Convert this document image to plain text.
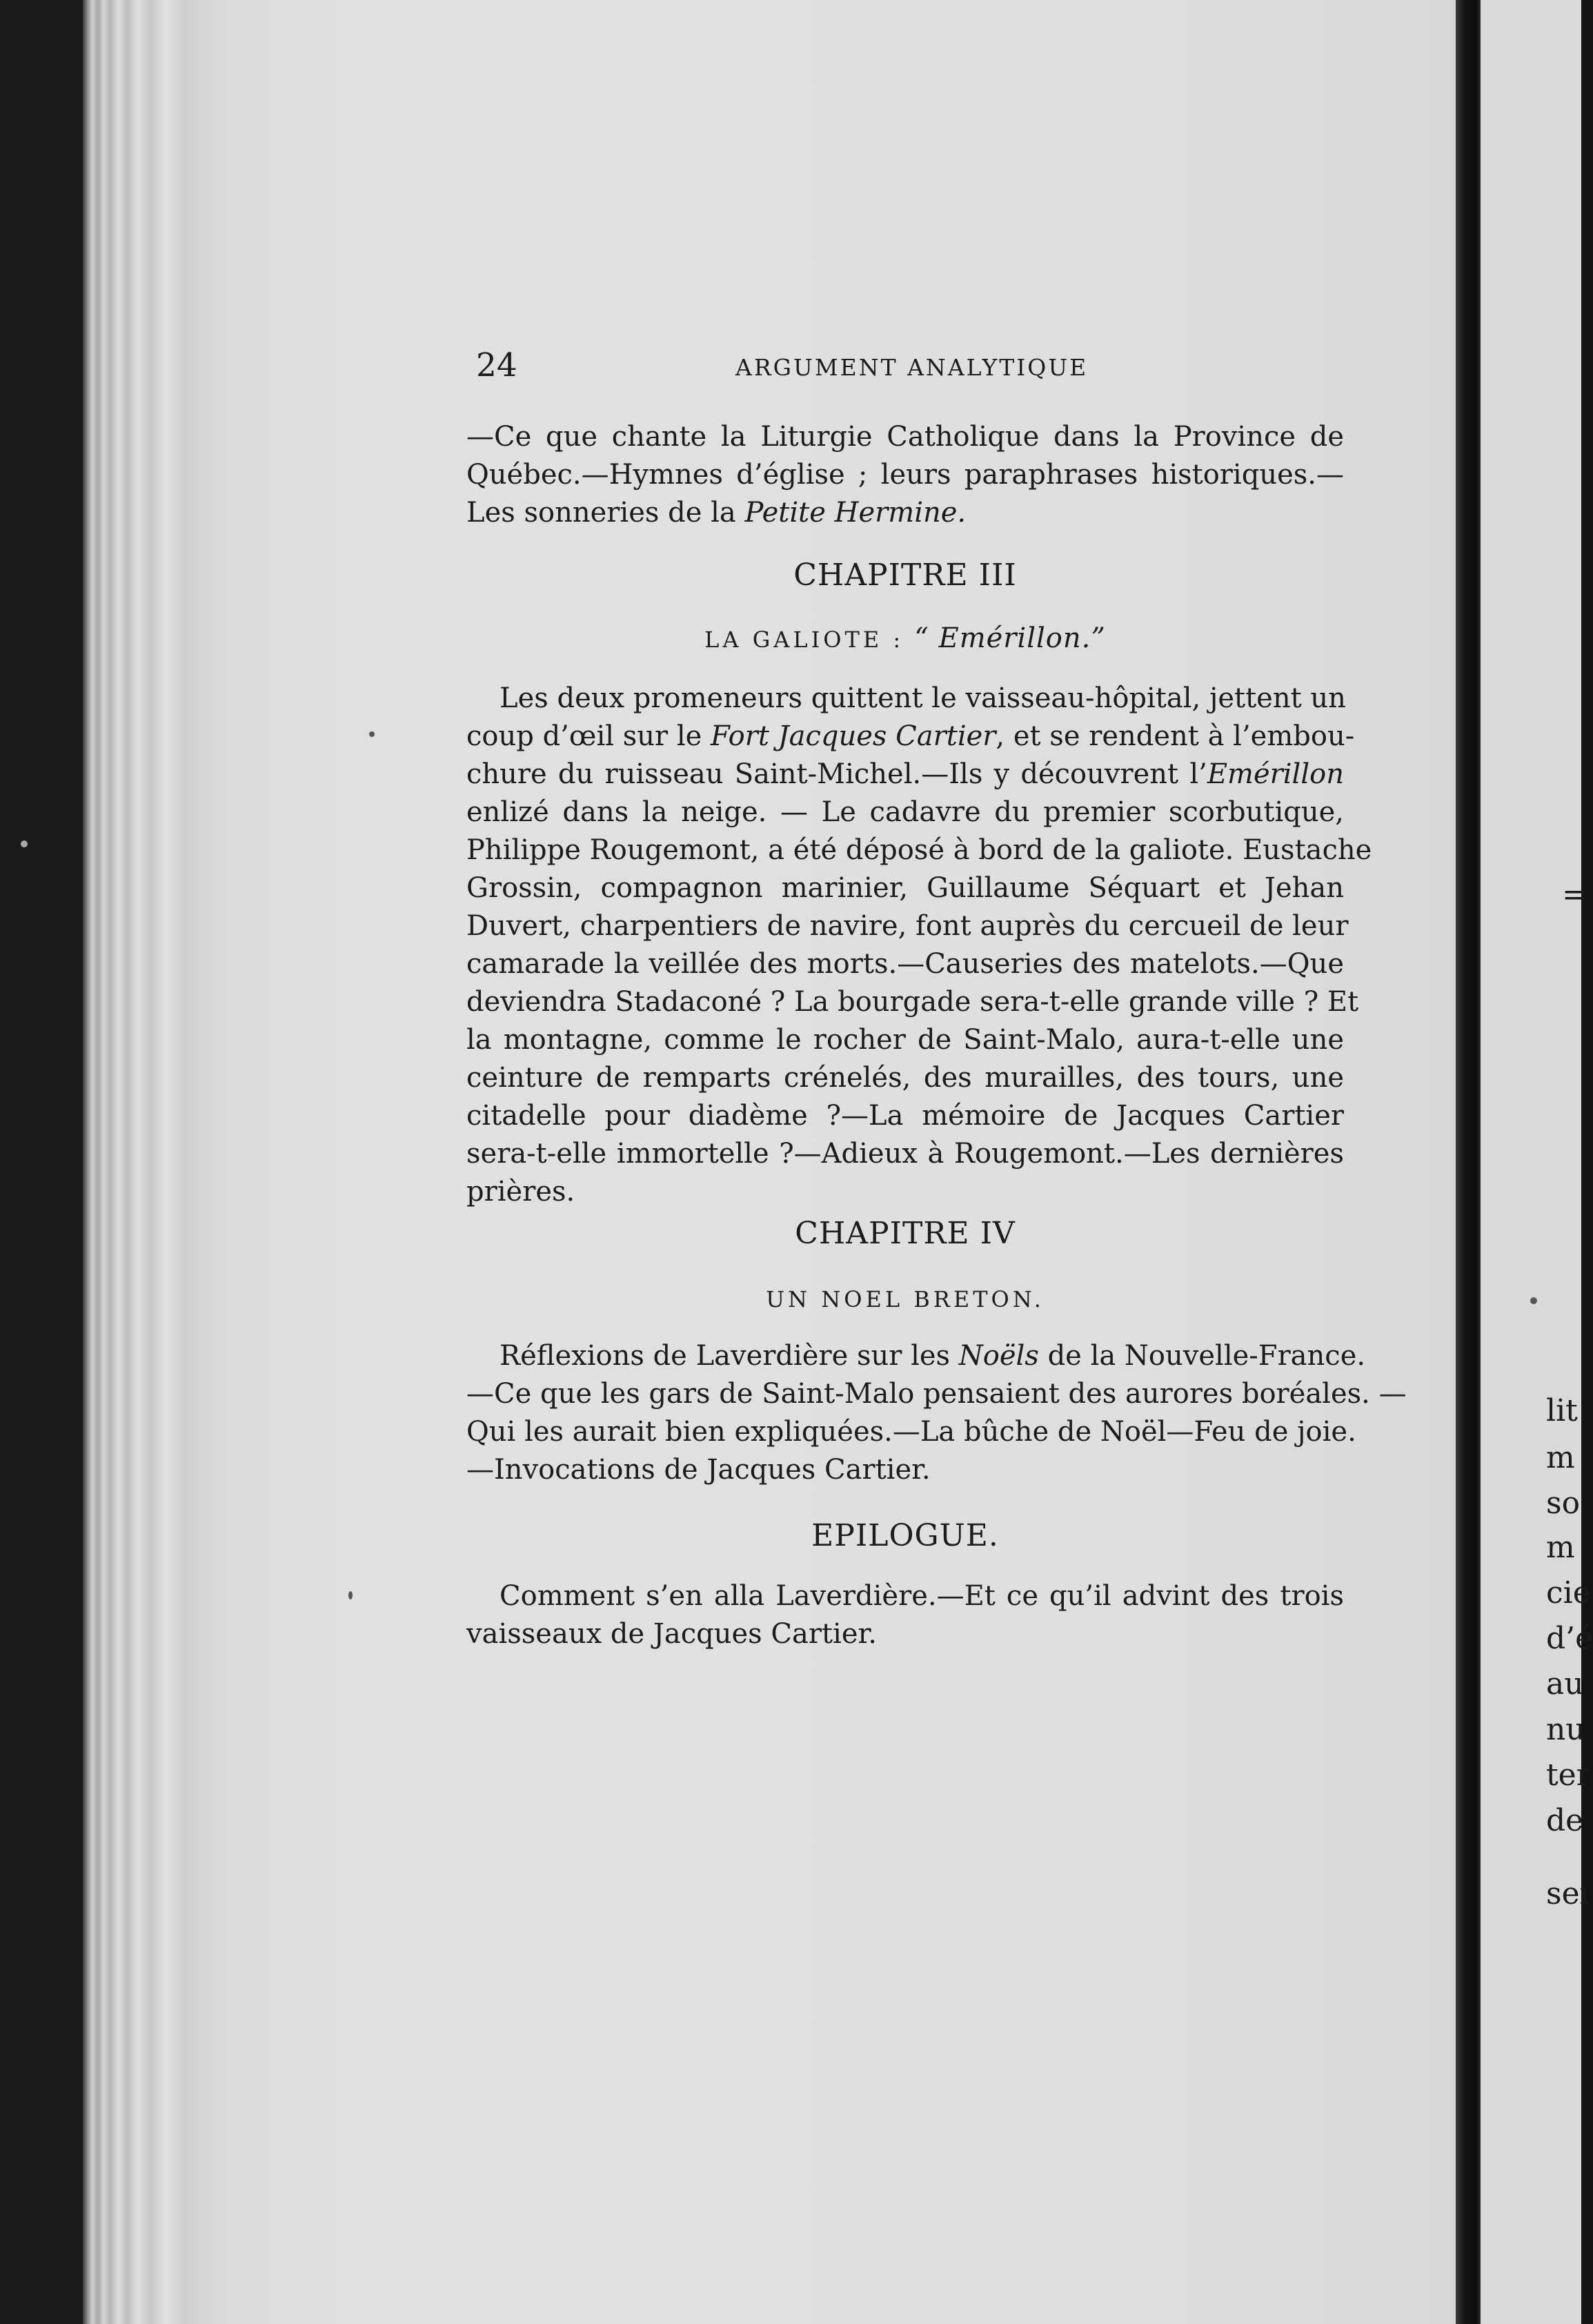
24	ARGUMENT ANALYTIQUE
—Ce que chante la Liturgie Catholique dans la Province de
Québec.—Hymnes d’église ; leurs paraphrases historiques.—
Les sonneries de la Petite Hermine.
CHAPITRE III
LA GALIOTE : “ Emérillon.”
Les deux promeneurs quittent le vaisseau-hôpital, jettent un
coup d’œil sur le Fort Jacques Cartier, et se rendent à l’embou-
chure du ruisseau Saint-Michel.—Ils y découvrent l’Emérillon
enlizé dans la neige. — Le cadavre du premier scorbutique,
Philippe Rougemont, a été déposé à bord de la galiote. Eustache
Grossin, compagnon marinier, Guillaume Séquart et Jehan
Duvert, charpentiers de navire, font auprès du cercueil de leur
camarade la veillée des morts.—Causeries des matelots.—Que
deviendra Stadaconé ? La bourgade sera-t-elle grande ville ? Et
la montagne, comme le rocher de Saint-Malo, aura-t-elle une
ceinture de remparts crénelés, des murailles, des tours, une
citadelle pour diadème ?—La mémoire de Jacques Cartier
sera-t-elle immortelle ?—Adieux à Rougemont.—Les dernières
prières.
CHAPITRE IV
UN NOEL BRETON.
Réflexions de Laverdière sur les Noëls de la Nouvelle-France.
—Ce que les gars de Saint-Malo pensaient des aurores boréales. —
Qui les aurait bien expliquées.—La bûche de Noël—Feu de joie.
—Invocations de Jacques Cartier.
EPILOGUE.
Comment s’en alla Laverdière.—Et ce qu’il advint des trois
vaisseaux de Jacques Cartier.
=
lit
m
so
m
cie
d’é
au
nu
ter
de
seı
